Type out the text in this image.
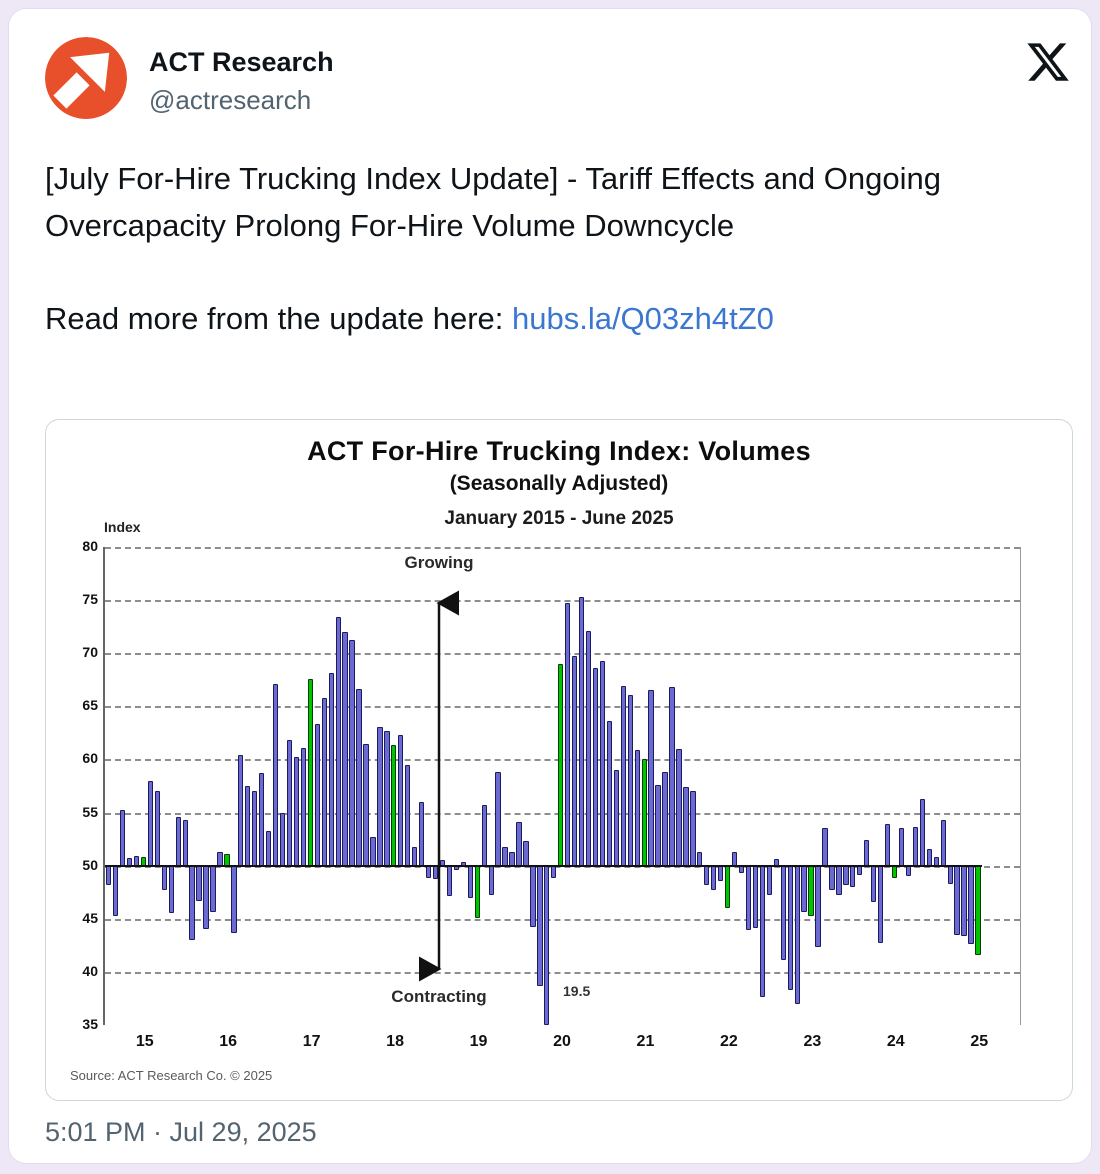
ACT Research
@actresearch

[July For-Hire Trucking Index Update] - Tariff Effects and Ongoing Overcapacity Prolong For-Hire Volume Downcycle

Read more from the update here: hubs.la/Q03zh4tZ0

ACT For-Hire Trucking Index: Volumes
(Seasonally Adjusted)
January 2015 - June 2025
Index
Growing
Contracting	19.5
80
75
70
65
60
55
50
45
40
35
15	16	17	18	19	20	21	22	23	24	25
Source: ACT Research Co. © 2025
5:01 PM · Jul 29, 2025
